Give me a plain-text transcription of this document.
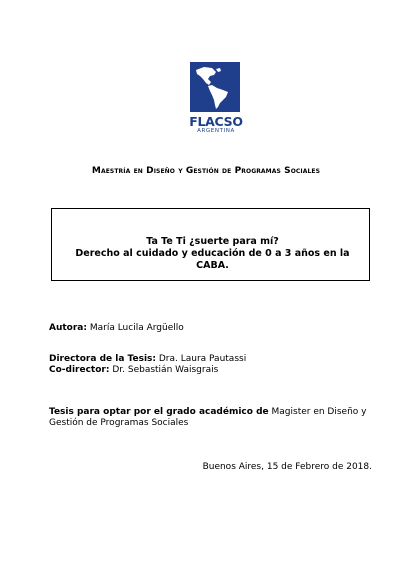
FLACSO
ARGENTINA
Maestría en Diseño y Gestión de Programas Sociales
Ta Te Ti ¿suerte para mí?
Derecho al cuidado y educación de 0 a 3 años en la CABA.
Autora: María Lucila Argüello
Directora de la Tesis: Dra. Laura Pautassi
Co-director: Dr. Sebastián Waisgrais
Tesis para optar por el grado académico de Magister en Diseño y Gestión de Programas Sociales
Buenos Aires, 15 de Febrero de 2018.
